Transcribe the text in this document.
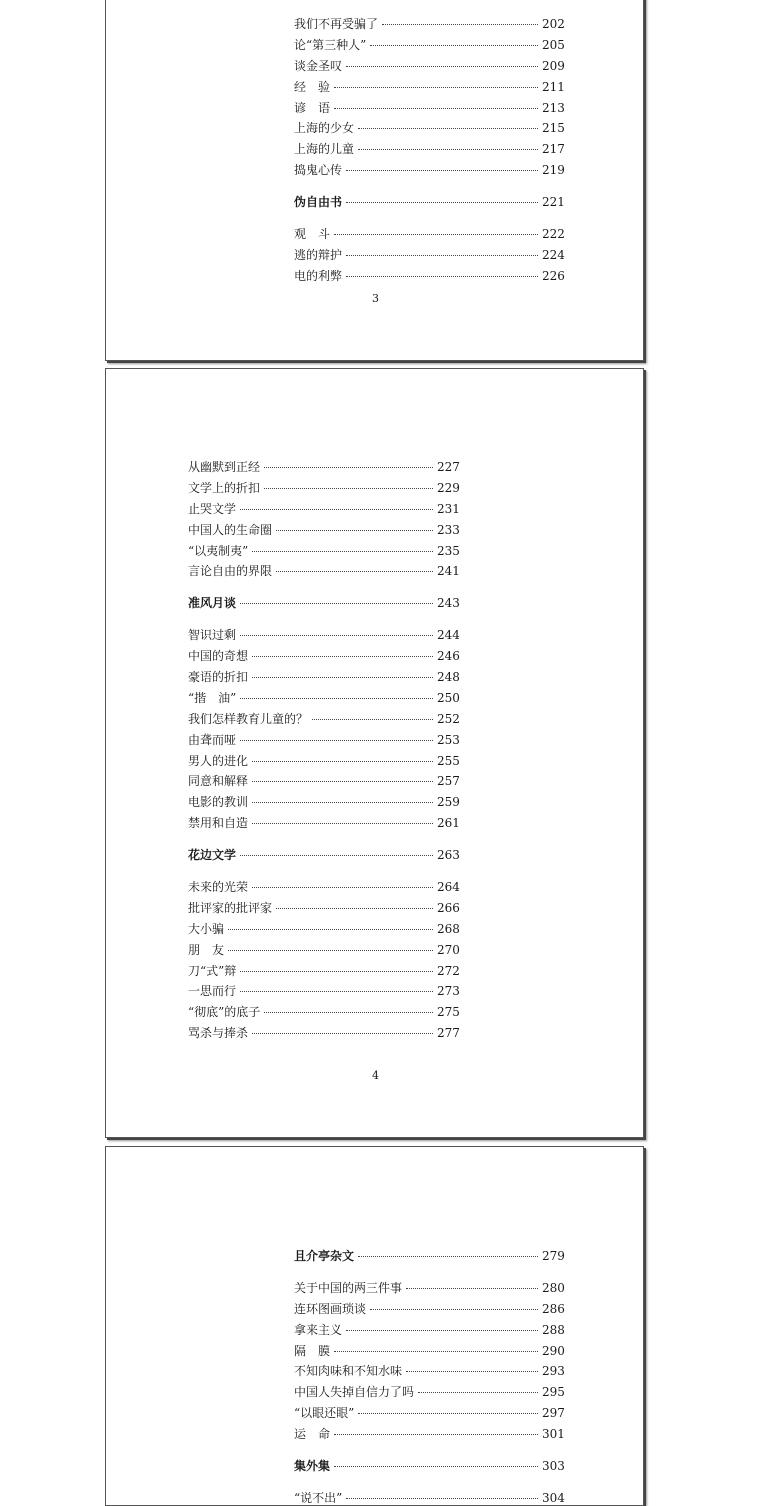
我们不再受骗了	202
论“第三种人”	205
谈金圣叹	209
经　验	211
谚　语	213
上海的少女	215
上海的儿童	217
捣鬼心传	219
伪自由书	221
观　斗	222
逃的辩护	224
电的利弊	226
3
从幽默到正经	227
文学上的折扣	229
止哭文学	231
中国人的生命圈	233
“以夷制夷”	235
言论自由的界限	241
准风月谈	243
智识过剩	244
中国的奇想	246
豪语的折扣	248
“揩　油”	250
我们怎样教育儿童的？	252
由聋而哑	253
男人的进化	255
同意和解释	257
电影的教训	259
禁用和自造	261
花边文学	263
未来的光荣	264
批评家的批评家	266
大小骗	268
朋　友	270
刀“式”辩	272
一思而行	273
“彻底”的底子	275
骂杀与捧杀	277
4
且介亭杂文	279
关于中国的两三件事	280
连环图画琐谈	286
拿来主义	288
隔　膜	290
不知肉味和不知水味	293
中国人失掉自信力了吗	295
“以眼还眼”	297
运　命	301
集外集	303
“说不出”	304
